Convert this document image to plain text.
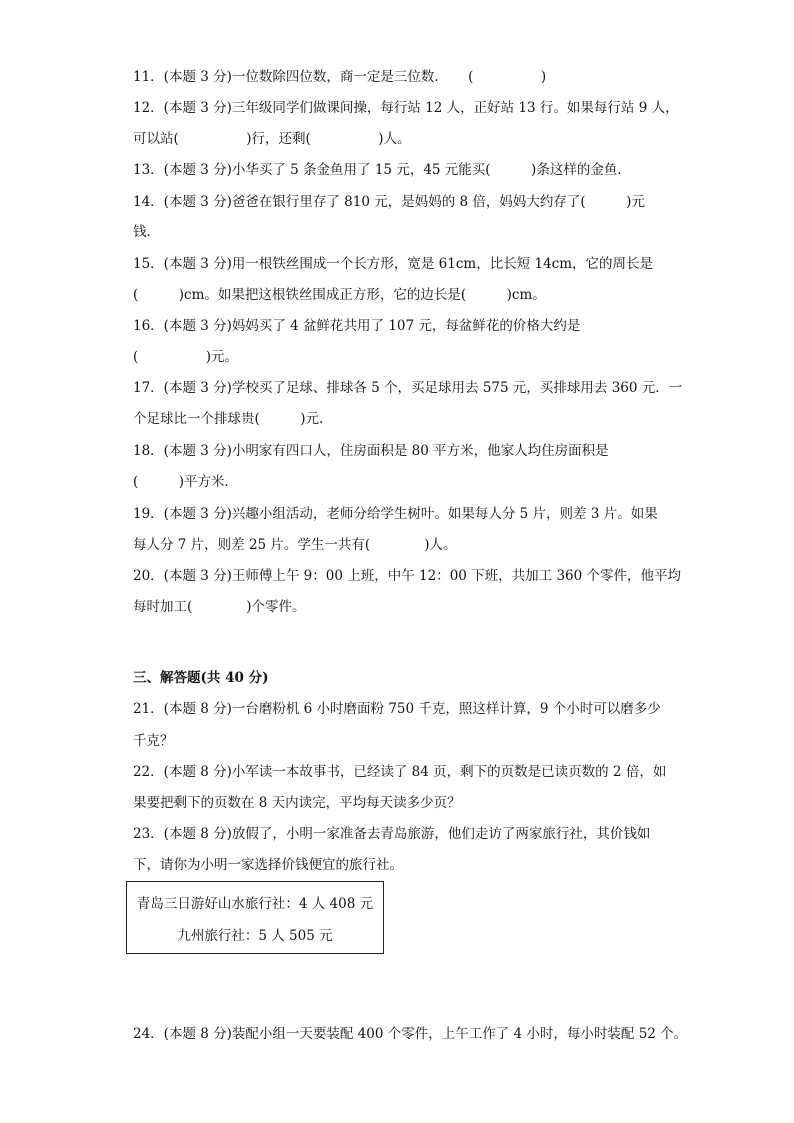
11．(本题 3 分)一位数除四位数，商一定是三位数．　　(　　　　　)
12．(本题 3 分)三年级同学们做课间操，每行站 12 人，正好站 13 行。如果每行站 9 人，
可以站(　　　　　)行，还剩(　　　　　)人。
13．(本题 3 分)小华买了 5 条金鱼用了 15 元，45 元能买(　　　)条这样的金鱼．
14．(本题 3 分)爸爸在银行里存了 810 元，是妈妈的 8 倍，妈妈大约存了(　　　)元
钱．
15．(本题 3 分)用一根铁丝围成一个长方形，宽是 61cm，比长短 14cm，它的周长是
(　　　)cm。如果把这根铁丝围成正方形，它的边长是(　　　)cm。
16．(本题 3 分)妈妈买了 4 盆鲜花共用了 107 元，每盆鲜花的价格大约是
(　　　　　)元。
17．(本题 3 分)学校买了足球、排球各 5 个，买足球用去 575 元，买排球用去 360 元．一
个足球比一个排球贵(　　　)元.
18．(本题 3 分)小明家有四口人，住房面积是 80 平方米，他家人均住房面积是
(　　　)平方米．
19．(本题 3 分)兴趣小组活动，老师分给学生树叶。如果每人分 5 片，则差 3 片。如果
每人分 7 片，则差 25 片。学生一共有(　　　　)人。
20．(本题 3 分)王师傅上午 9：00 上班，中午 12：00 下班，共加工 360 个零件，他平均
每时加工(　　　　)个零件。
三、解答题(共 40 分)
21．(本题 8 分)一台磨粉机 6 小时磨面粉 750 千克，照这样计算，9 个小时可以磨多少
千克？
22．(本题 8 分)小军读一本故事书，已经读了 84 页，剩下的页数是已读页数的 2 倍，如
果要把剩下的页数在 8 天内读完，平均每天读多少页？
23．(本题 8 分)放假了，小明一家准备去青岛旅游，他们走访了两家旅行社，其价钱如
下，请你为小明一家选择价钱便宜的旅行社。
青岛三日游好山水旅行社：4 人 408 元
九州旅行社：5 人 505 元
24．(本题 8 分)装配小组一天要装配 400 个零件，上午工作了 4 小时，每小时装配 52 个。
